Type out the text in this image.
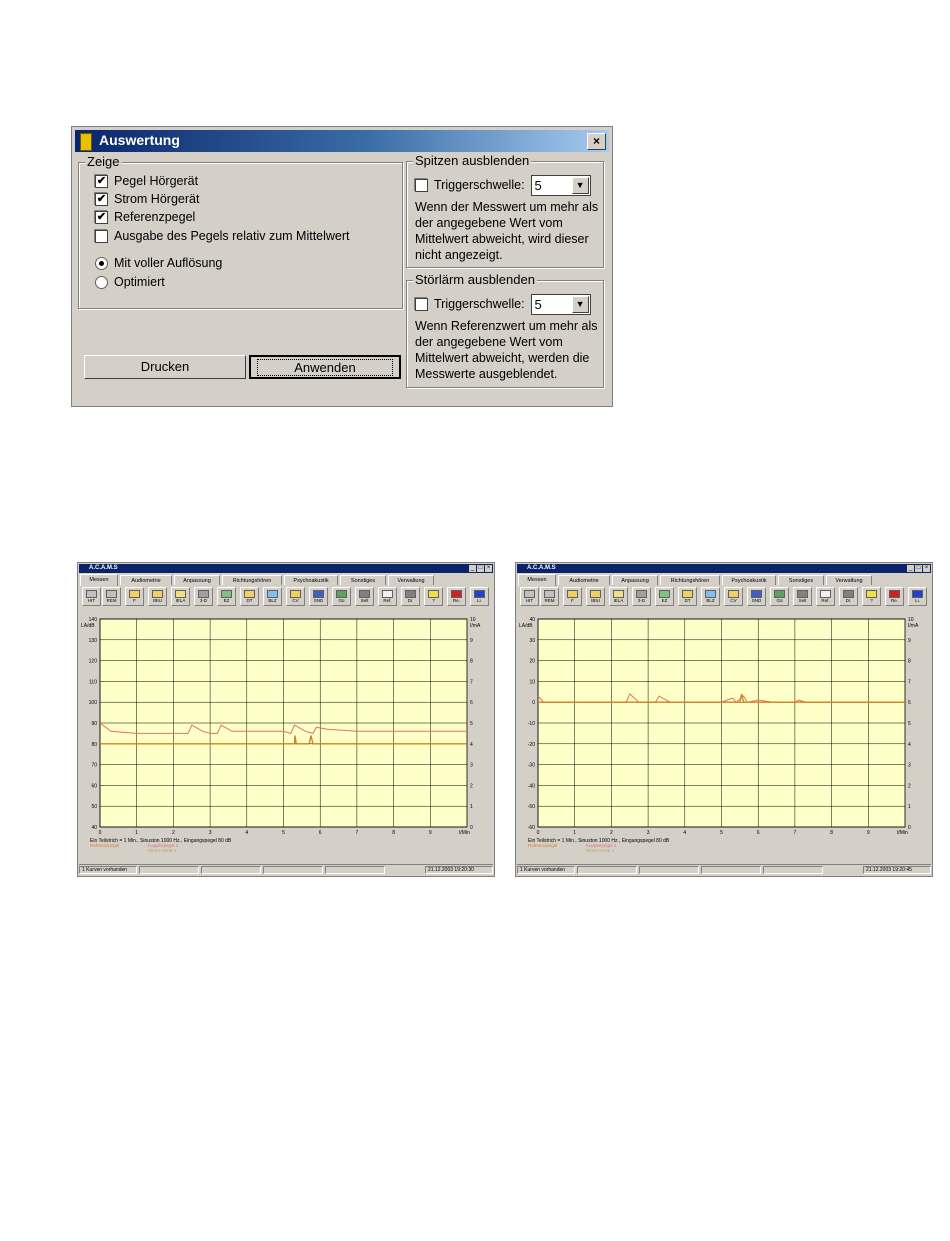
Auswertung	×
Zeige
✔ Pegel Hörgerät
✔ Strom Hörgerät
✔ Referenzpegel
Ausgabe des Pegels relativ zum Mittelwert
Mit voller Auflösung
Optimiert
Spitzen ausblenden
Triggerschwelle: 5	▼
Wenn der Messwert um mehr als
der angegebene Wert vom
Mittelwert abweicht, wird dieser
nicht angezeigt.
Störlärm ausblenden
Triggerschwelle: 5	▼
Wenn Referenzwert um mehr als
der angegebene Wert vom
Mittelwert abweicht, werden die
Messwerte ausgeblendet.
Drucken	Anwenden
A.C.A.M.S	_ □ ×
Messen	Audiometrie	Anpassung	Richtungshören	Psychoakustik	Sonstiges	Verwaltung
HIT	REM	F	IBIU	IELA	3-D	EZ	DT	BLZ	CV	SND	Gü	Selt	Ref.	Dr.	?	Re.	Li.
40
50
60
70
80
90
100
110
120
130
140
0	1	2	3	4	5	6	7	8	9
0
1
2
3
4
5
6
7
8
9
10
LA/dB	I/mA
t/Min
Ein Teilstrich = 1 Min., Sinuston 1000 Hz., Eingangspegel 80 dB
Referenzpegel	Kopplerpegel 1
Strom Gerät 1
1 Kurven vorhanden	21.12.2003 19:20:30
A.C.A.M.S	_ □ ×
Messen	Audiometrie	Anpassung	Richtungshören	Psychoakustik	Sonstiges	Verwaltung
HIT	REM	F	IBIU	IELA	3-D	EZ	DT	BLZ	CV	SND	Gü	Selt	Ref.	Dr.	?	Re.	Li.
-60
-50
-40
-30
-20
-10
0
10
20
30
40
0	1	2	3	4	5	6	7	8	9
0
1
2
3
4
5
6
7
8
9
10
LA/dB	I/mA
t/Min
Ein Teilstrich = 1 Min., Sinuston 1000 Hz., Eingangspegel 80 dB
Referenzpegel	Kopplerpegel 1
Strom Gerät 1
1 Kurven vorhanden	21.12.2003 19:20:45
